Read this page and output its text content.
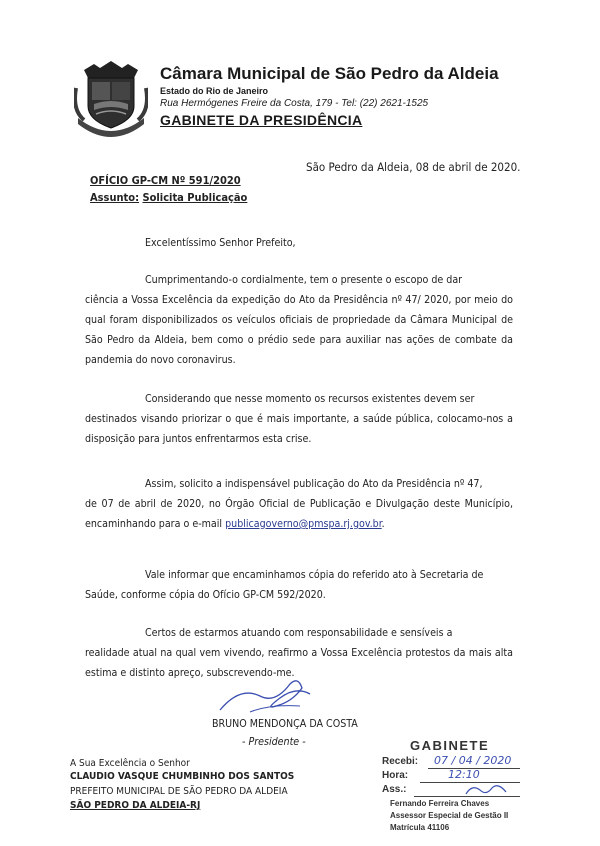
Câmara Municipal de São Pedro da Aldeia
Estado do Rio de Janeiro
Rua Hermógenes Freire da Costa, 179 - Tel: (22) 2621-1525
GABINETE DA PRESIDÊNCIA
São Pedro da Aldeia, 08 de abril de 2020.
OFÍCIO GP-CM Nº 591/2020
Assunto: Solicita Publicação
Excelentíssimo Senhor Prefeito,
Cumprimentando-o cordialmente, tem o presente o escopo de dar
ciência a Vossa Excelência da expedição do Ato da Presidência nº 47/ 2020, por meio do qual foram disponibilizados os veículos oficiais de propriedade da Câmara Municipal de São Pedro da Aldeia, bem como o prédio sede para auxiliar nas ações de combate da pandemia do novo coronavirus.
Considerando que nesse momento os recursos existentes devem ser
destinados visando priorizar o que é mais importante, a saúde pública, colocamo-nos a disposição para juntos enfrentarmos esta crise.
Assim, solicito a indispensável publicação do Ato da Presidência nº 47,
de 07 de abril de 2020, no Órgão Oficial de Publicação e Divulgação deste Município, encaminhando para o e-mail publicagoverno@pmspa.rj.gov.br.
Vale informar que encaminhamos cópia do referido ato à Secretaria de
Saúde, conforme cópia do Ofício GP-CM 592/2020.
Certos de estarmos atuando com responsabilidade e sensíveis a
realidade atual na qual vem vivendo, reafirmo a Vossa Excelência protestos da mais alta estima e distinto apreço, subscrevendo-me.
BRUNO MENDONÇA DA COSTA
- Presidente -
A Sua Excelência o Senhor
CLAUDIO VASQUE CHUMBINHO DOS SANTOS
PREFEITO MUNICIPAL DE SÃO PEDRO DA ALDEIA
SÃO PEDRO DA ALDEIA-RJ
GABINETE
Recebi: 07 / 04 / 2020
Hora:	12:10
Ass.:
Fernando Ferreira Chaves
Assessor Especial de Gestão II
Matrícula 41106
